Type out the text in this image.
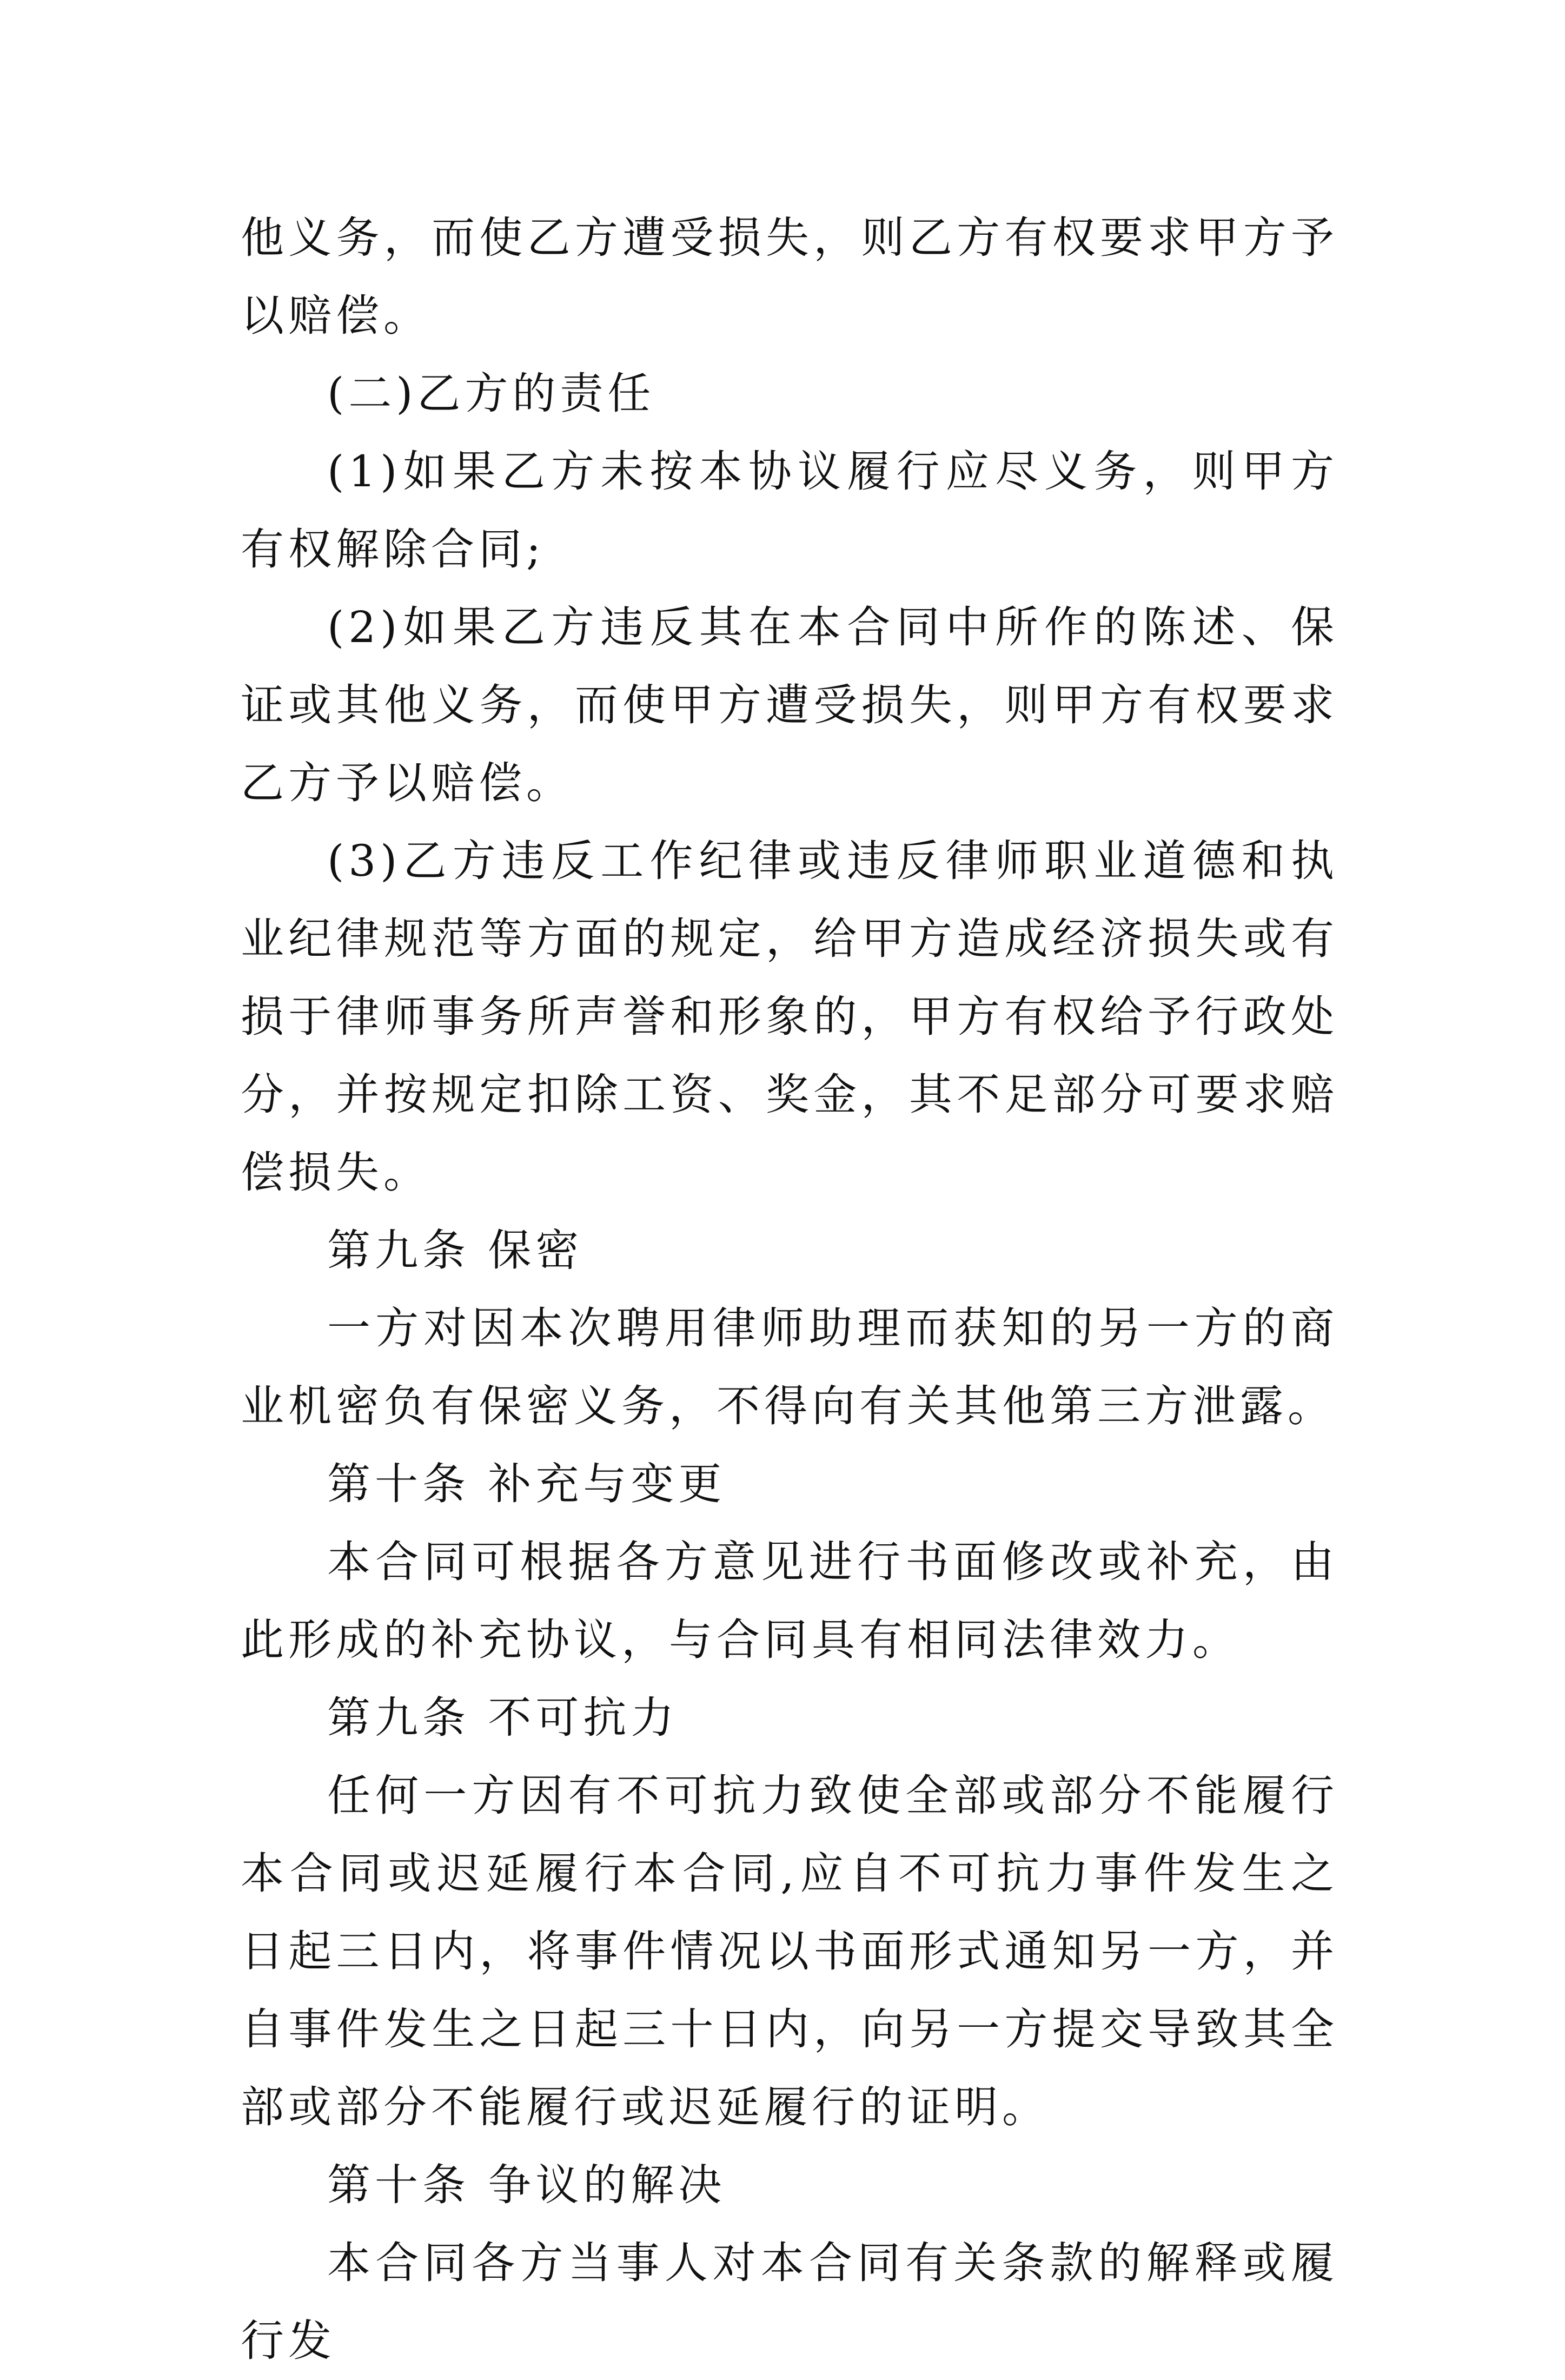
他义务，而使乙方遭受损失，则乙方有权要求甲方予以赔偿。

(二)乙方的责任

(1)如果乙方未按本协议履行应尽义务，则甲方有权解除合同;

(2)如果乙方违反其在本合同中所作的陈述、保证或其他义务，而使甲方遭受损失，则甲方有权要求乙方予以赔偿。

(3)乙方违反工作纪律或违反律师职业道德和执业纪律规范等方面的规定，给甲方造成经济损失或有损于律师事务所声誉和形象的，甲方有权给予行政处分，并按规定扣除工资、奖金，其不足部分可要求赔偿损失。

第九条 保密

一方对因本次聘用律师助理而获知的另一方的商业机密负有保密义务，不得向有关其他第三方泄露。

第十条 补充与变更

本合同可根据各方意见进行书面修改或补充，由此形成的补充协议，与合同具有相同法律效力。

第九条 不可抗力

任何一方因有不可抗力致使全部或部分不能履行本合同或迟延履行本合同,应自不可抗力事件发生之日起三日内，将事件情况以书面形式通知另一方，并自事件发生之日起三十日内，向另一方提交导致其全部或部分不能履行或迟延履行的证明。

第十条 争议的解决

本合同各方当事人对本合同有关条款的解释或履行发
